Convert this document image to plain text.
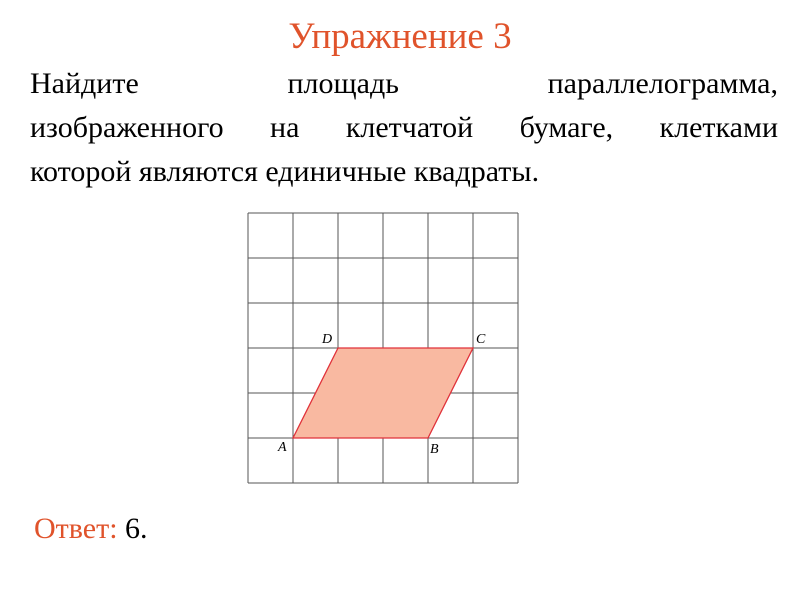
Упражнение 3
Найдите площадь параллелограмма,
изображенного на клетчатой бумаге, клетками
которой являются единичные квадраты.
A	B
C
D
Ответ: 6.
